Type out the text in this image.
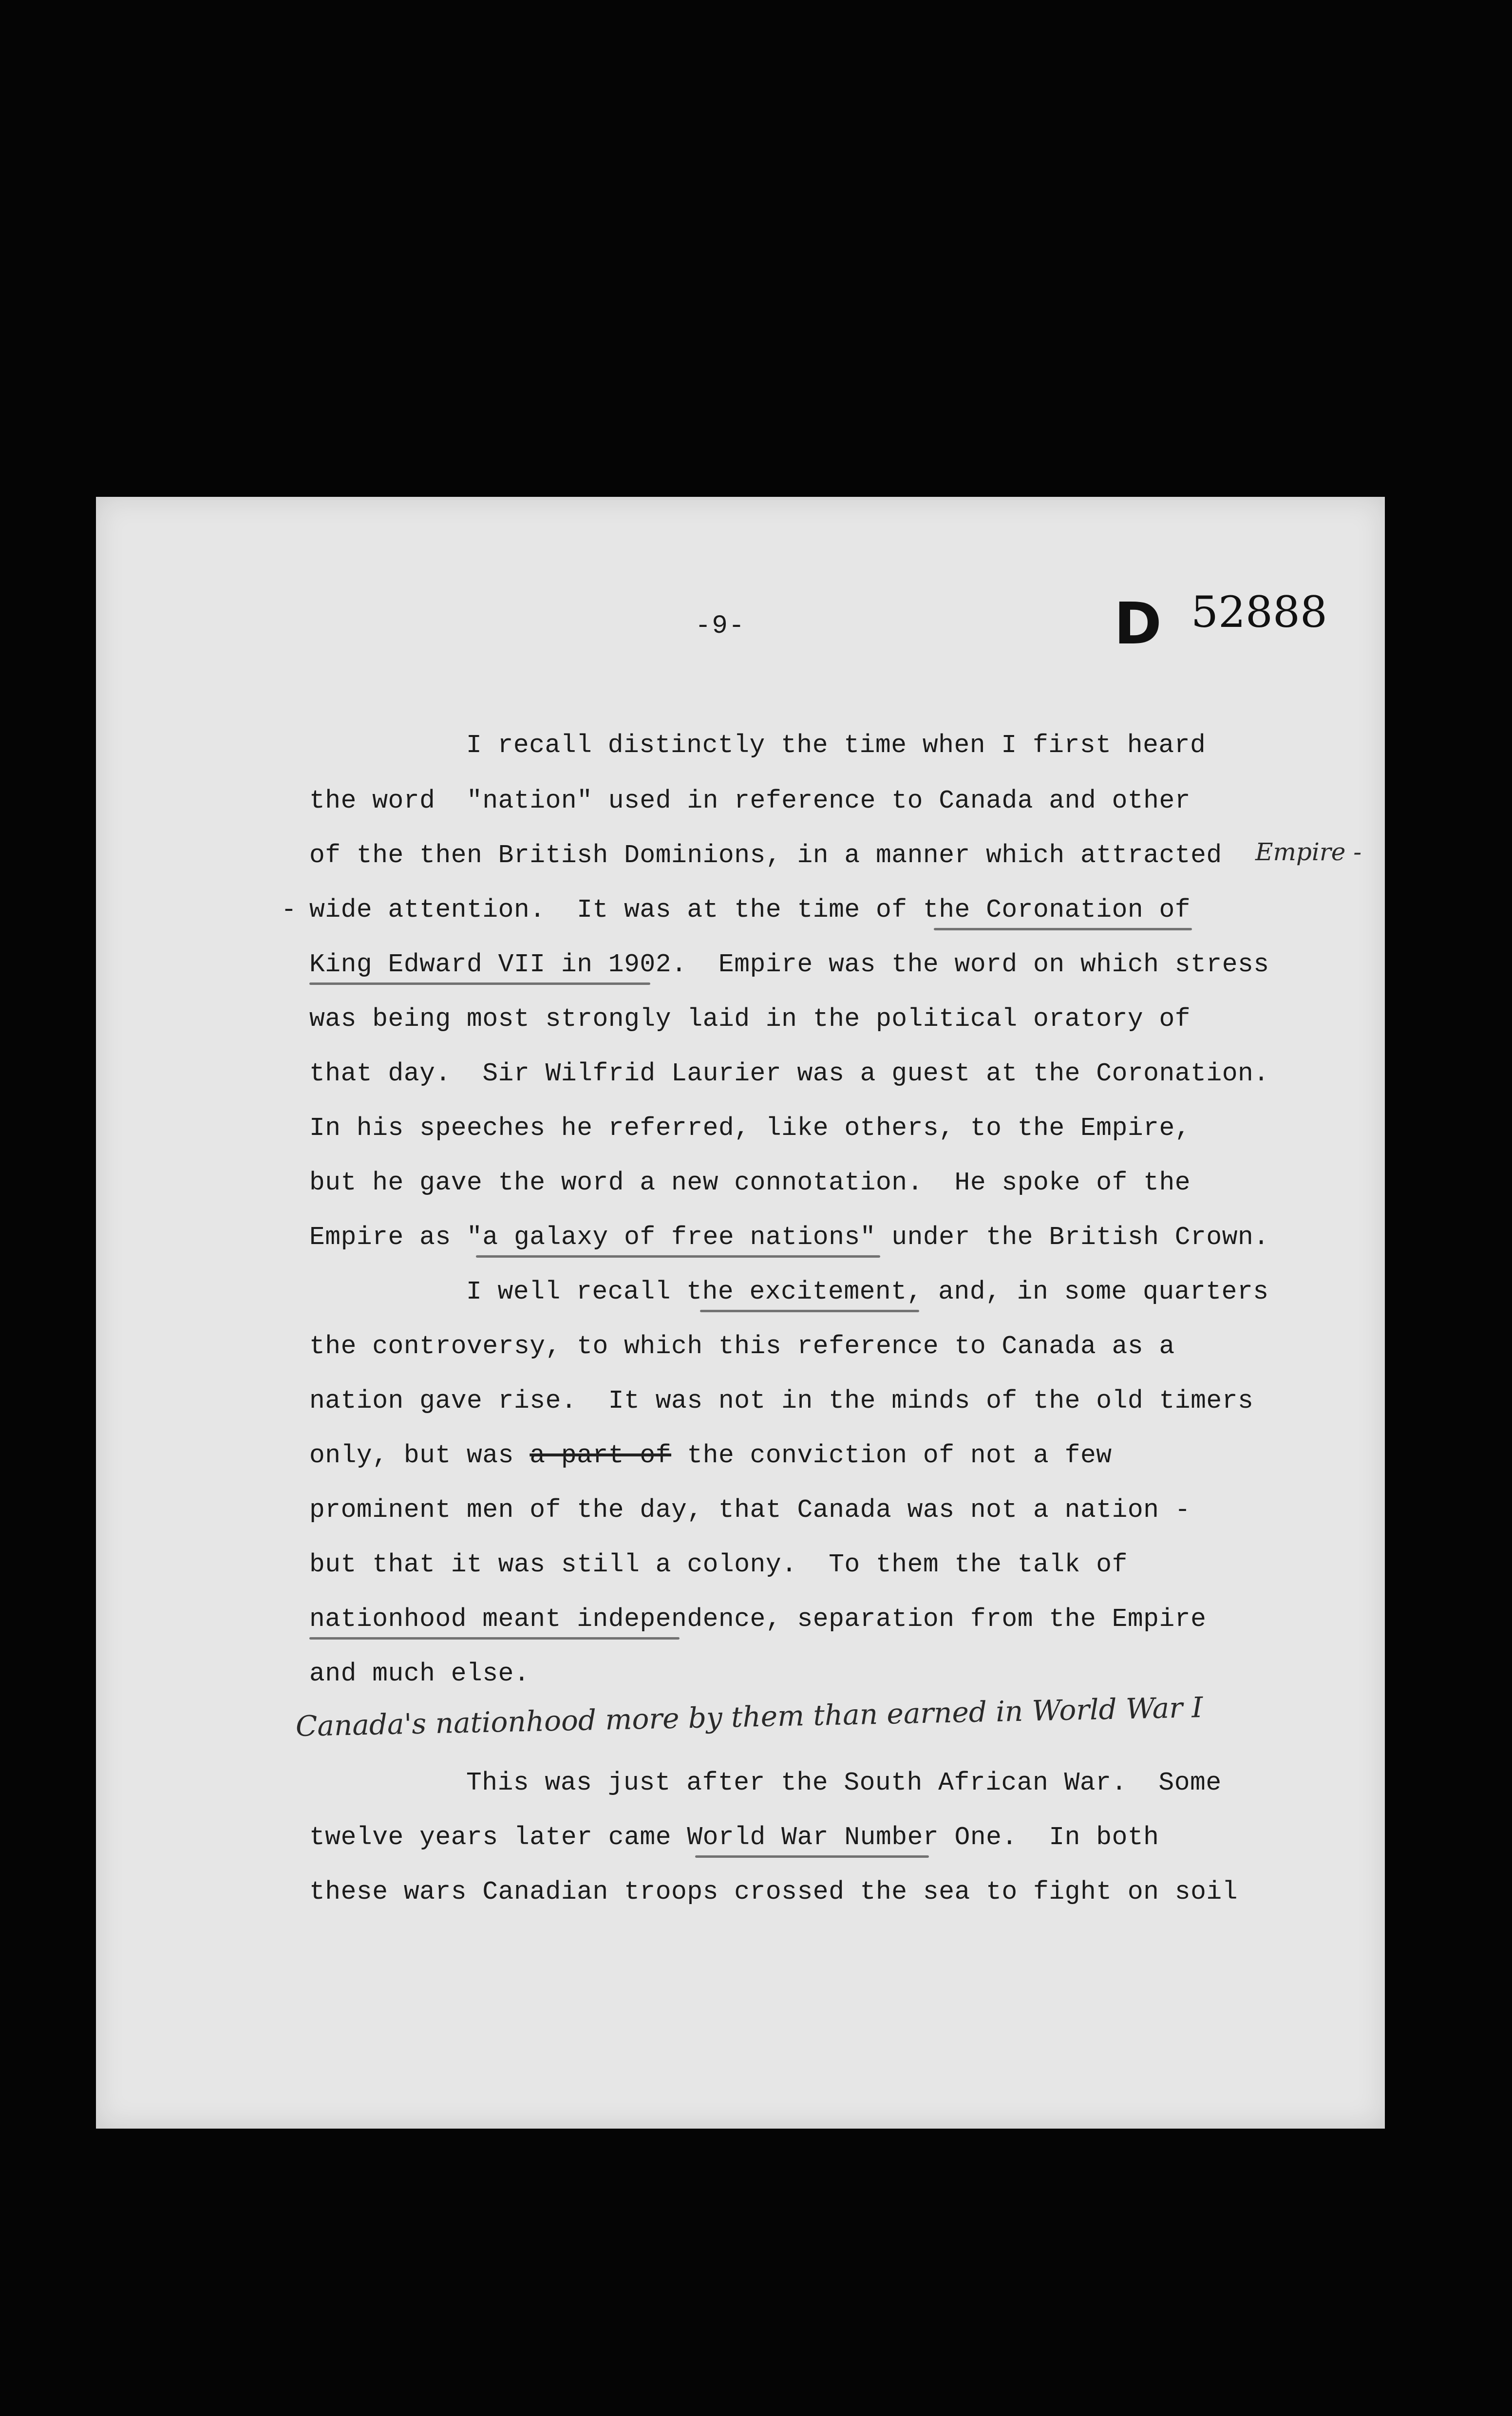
-9-	D 52888
I recall distinctly the time when I first heard
the word  "nation" used in reference to Canada and other
of the then British Dominions, in a manner which attracted Empire -
- wide attention.  It was at the time of the Coronation of
King Edward VII in 1902.  Empire was the word on which stress
was being most strongly laid in the political oratory of
that day.  Sir Wilfrid Laurier was a guest at the Coronation.
In his speeches he referred, like others, to the Empire,
but he gave the word a new connotation.  He spoke of the
Empire as "a galaxy of free nations" under the British Crown.
I well recall the excitement, and, in some quarters
the controversy, to which this reference to Canada as a
nation gave rise.  It was not in the minds of the old timers
only, but was a part of the conviction of not a few
prominent men of the day, that Canada was not a nation -
but that it was still a colony.  To them the talk of
nationhood meant independence, separation from the Empire
and much else.
Canada's nationhood more by them than earned in World War I
This was just after the South African War.  Some
twelve years later came World War Number One.  In both
these wars Canadian troops crossed the sea to fight on soil
